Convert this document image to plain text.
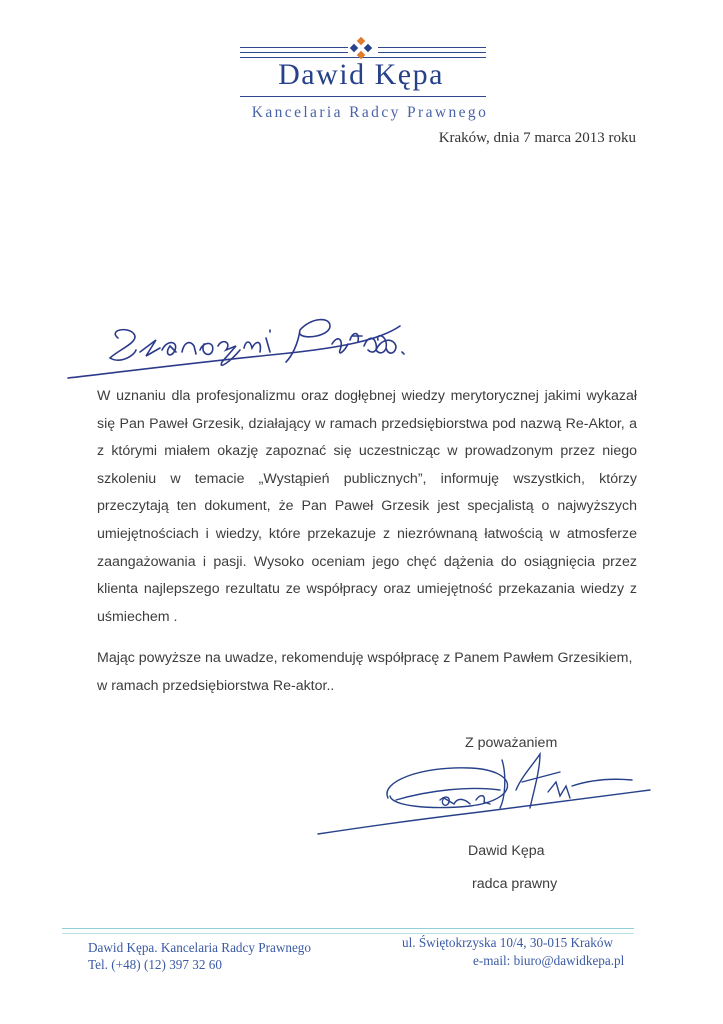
Dawid Kępa
Kancelaria Radcy Prawnego
Kraków, dnia 7 marca 2013 roku

W uznaniu dla profesjonalizmu oraz dogłębnej wiedzy merytorycznej jakimi wykazał się Pan Paweł Grzesik, działający w ramach przedsiębiorstwa pod nazwą Re-Aktor, a z którymi miałem okazję zapoznać się uczestnicząc w prowadzonym przez niego szkoleniu w temacie „Wystąpień publicznych”, informuję wszystkich, którzy przeczytają ten dokument, że Pan Paweł Grzesik jest specjalistą o najwyższych umiejętnościach i wiedzy, które przekazuje z niezrównaną łatwością w atmosferze zaangażowania i pasji. Wysoko oceniam jego chęć dążenia do osiągnięcia przez klienta najlepszego rezultatu ze współpracy oraz umiejętność przekazania wiedzy z uśmiechem .

Mając powyższe na uwadze, rekomenduję współpracę z Panem Pawłem Grzesikiem, w ramach przedsiębiorstwa Re-aktor..

Z poważaniem
Dawid Kępa
radca prawny
Dawid Kępa. Kancelaria Radcy Prawnego
Tel. (+48) (12) 397 32 60
ul. Świętokrzyska 10/4, 30-015 Kraków
e-mail: biuro@dawidkepa.pl
